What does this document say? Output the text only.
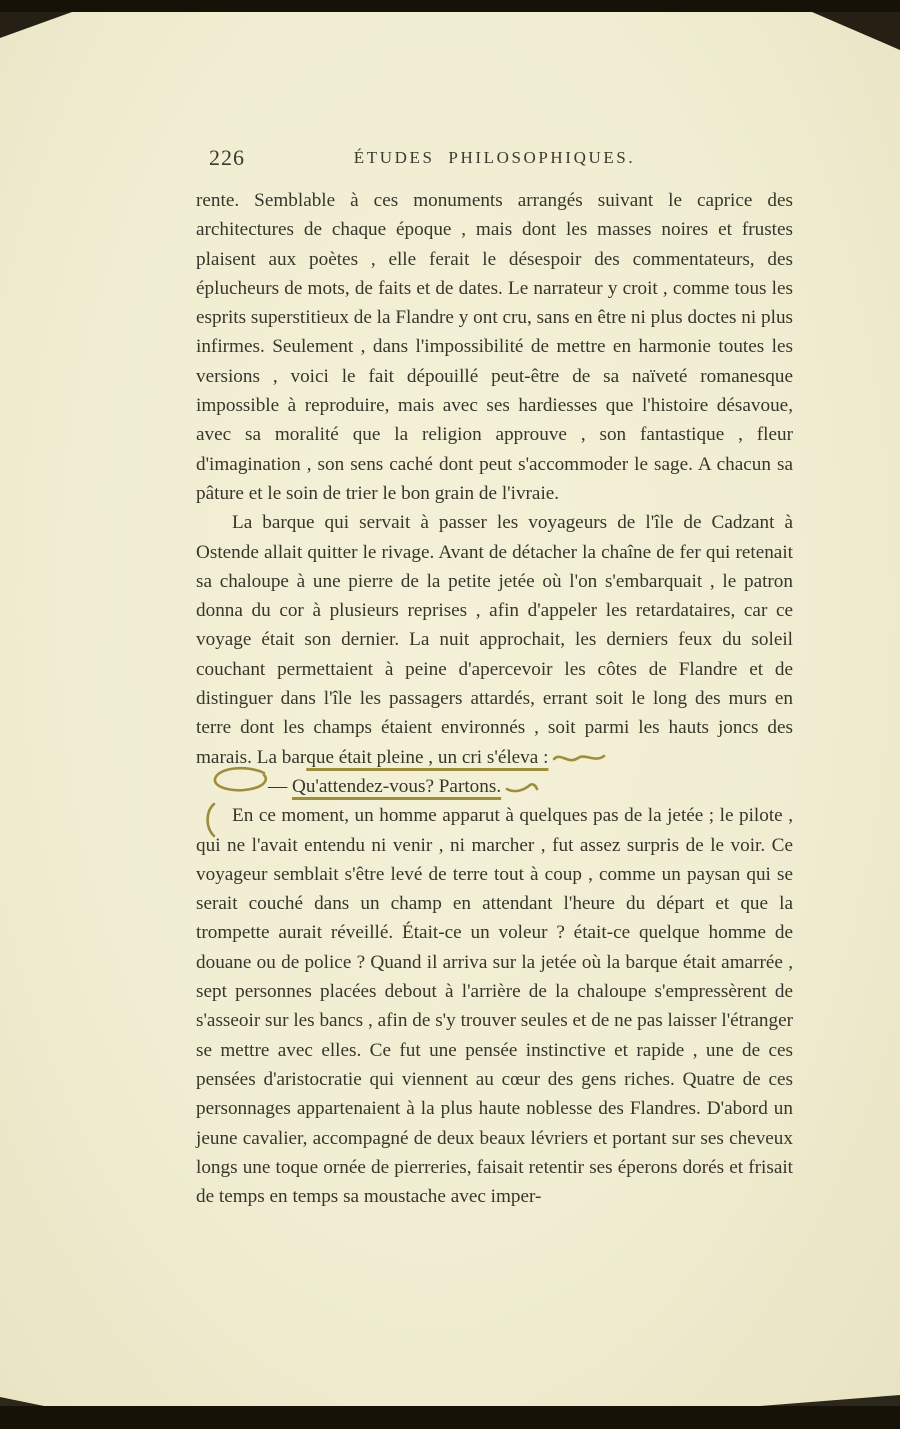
226	ÉTUDES PHILOSOPHIQUES.

rente. Semblable à ces monuments arrangés suivant le caprice des architectures de chaque époque , mais dont les masses noires et frustes plaisent aux poètes , elle ferait le désespoir des commentateurs, des éplucheurs de mots, de faits et de dates. Le narrateur y croit , comme tous les esprits superstitieux de la Flandre y ont cru, sans en être ni plus doctes ni plus infirmes. Seulement , dans l'impossibilité de mettre en harmonie toutes les versions , voici le fait dépouillé peut-être de sa naïveté romanesque impossible à reproduire, mais avec ses hardiesses que l'histoire désavoue, avec sa moralité que la religion approuve , son fantastique , fleur d'imagination , son sens caché dont peut s'accommoder le sage. A chacun sa pâture et le soin de trier le bon grain de l'ivraie.

La barque qui servait à passer les voyageurs de l'île de Cadzant à Ostende allait quitter le rivage. Avant de détacher la chaîne de fer qui retenait sa chaloupe à une pierre de la petite jetée où l'on s'embarquait , le patron donna du cor à plusieurs reprises , afin d'appeler les retardataires, car ce voyage était son dernier. La nuit approchait, les derniers feux du soleil couchant permettaient à peine d'apercevoir les côtes de Flandre et de distinguer dans l'île les passagers attardés, errant soit le long des murs en terre dont les champs étaient environnés , soit parmi les hauts joncs des marais. La barque était pleine , un cri s'éleva :

— Qu'attendez-vous? Partons.

En ce moment, un homme apparut à quelques pas de la jetée ; le pilote , qui ne l'avait entendu ni venir , ni marcher , fut assez surpris de le voir. Ce voyageur semblait s'être levé de terre tout à coup , comme un paysan qui se serait couché dans un champ en attendant l'heure du départ et que la trompette aurait réveillé. Était-ce un voleur ? était-ce quelque homme de douane ou de police ? Quand il arriva sur la jetée où la barque était amarrée , sept personnes placées debout à l'arrière de la chaloupe s'empressèrent de s'asseoir sur les bancs , afin de s'y trouver seules et de ne pas laisser l'étranger se mettre avec elles. Ce fut une pensée instinctive et rapide , une de ces pensées d'aristocratie qui viennent au cœur des gens riches. Quatre de ces personnages appartenaient à la plus haute noblesse des Flandres. D'abord un jeune cavalier, accompagné de deux beaux lévriers et portant sur ses cheveux longs une toque ornée de pierreries, faisait retentir ses éperons dorés et frisait de temps en temps sa moustache avec imper-
